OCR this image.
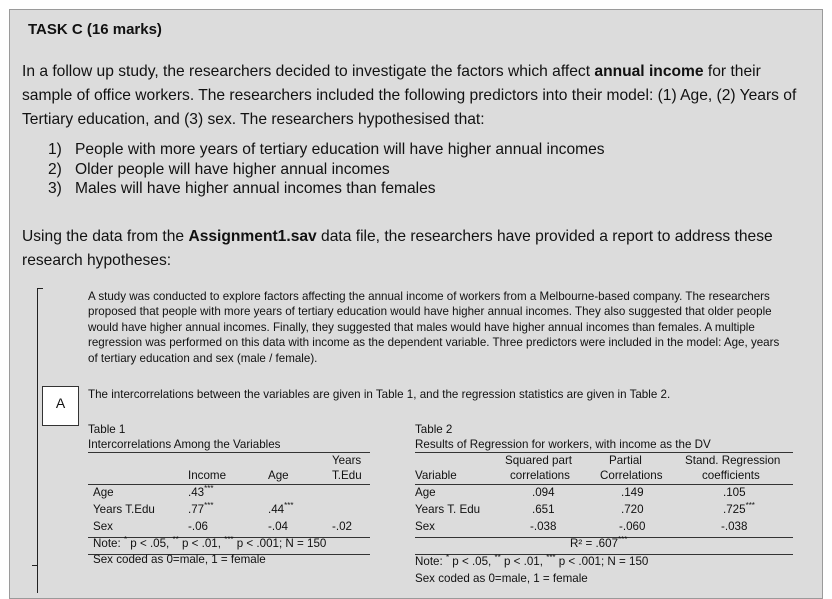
TASK C (16 marks)
In a follow up study, the researchers decided to investigate the factors which affect annual income for their sample of office workers. The researchers included the following predictors into their model: (1) Age, (2) Years of Tertiary education, and (3) sex. The researchers hypothesised that:
1) People with more years of tertiary education will have higher annual incomes
2) Older people will have higher annual incomes
3) Males will have higher annual incomes than females
Using the data from the Assignment1.sav data file, the researchers have provided a report to address these research hypotheses:
A
A study was conducted to explore factors affecting the annual income of workers from a Melbourne-based company. The researchers proposed that people with more years of tertiary education would have higher annual incomes. They also suggested that older people would have higher annual incomes. Finally, they suggested that males would have higher annual incomes than females. A multiple regression was performed on this data with income as the dependent variable. Three predictors were included in the model: Age, years of tertiary education and sex (male / female).
The intercorrelations between the variables are given in Table 1, and the regression statistics are given in Table 2.
Table 1
Intercorrelations Among the Variables
Years
Income	Age	T.Edu
Age	.43***
Years T.Edu	.77***	.44***
Sex	-.06	-.04	-.02
Note: * p < .05, ** p < .01, *** p < .001; N = 150
Sex coded as 0=male, 1 = female
Table 2
Results of Regression for workers, with income as the DV
Squared part	Partial	Stand. Regression
Variable	correlations	Correlations	coefficients
Age	.094	.149	.105
Years T. Edu	.651	.720	.725***
Sex	-.038	-.060	-.038
R² = .607***
Note: * p < .05, ** p < .01, *** p < .001; N = 150
Sex coded as 0=male, 1 = female
